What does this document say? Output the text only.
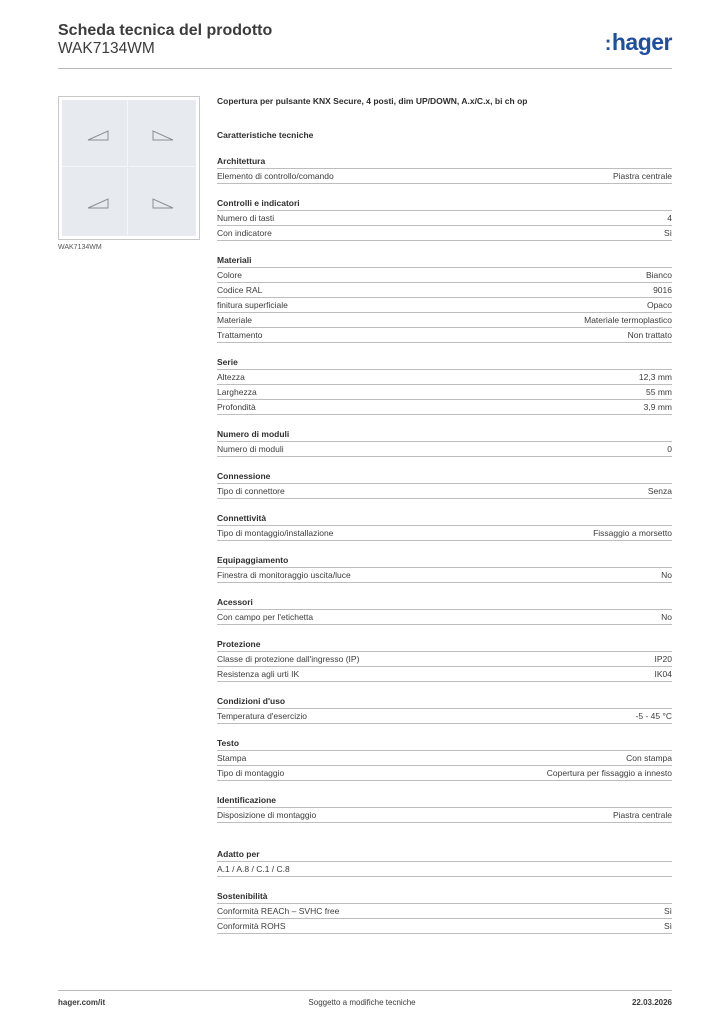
Scheda tecnica del prodotto
WAK7134WM	:hager
WAK7134WM
Copertura per pulsante KNX Secure, 4 posti, dim UP/DOWN, A.x/C.x, bi ch op
Caratteristiche tecniche
Architettura
Elemento di controllo/comando	Piastra centrale
Controlli e indicatori
Numero di tasti	4
Con indicatore	Sì
Materiali
Colore	Bianco
Codice RAL	9016
finitura superficiale	Opaco
Materiale	Materiale termoplastico
Trattamento	Non trattato
Serie
Altezza	12,3 mm
Larghezza	55 mm
Profondità	3,9 mm
Numero di moduli
Numero di moduli	0
Connessione
Tipo di connettore	Senza
Connettività
Tipo di montaggio/installazione	Fissaggio a morsetto
Equipaggiamento
Finestra di monitoraggio uscita/luce	No
Acessori
Con campo per l'etichetta	No
Protezione
Classe di protezione dall'ingresso (IP)	IP20
Resistenza agli urti IK	IK04
Condizioni d'uso
Temperatura d'esercizio	-5 - 45 °C
Testo
Stampa	Con stampa
Tipo di montaggio	Copertura per fissaggio a innesto
Identificazione
Disposizione di montaggio	Piastra centrale
Adatto per
A.1 / A.8 / C.1 / C.8
Sostenibilità
Conformità REACh – SVHC free	Sì
Conformità ROHS	Sì
hager.com/it	Soggetto a modifiche tecniche	22.03.2026
